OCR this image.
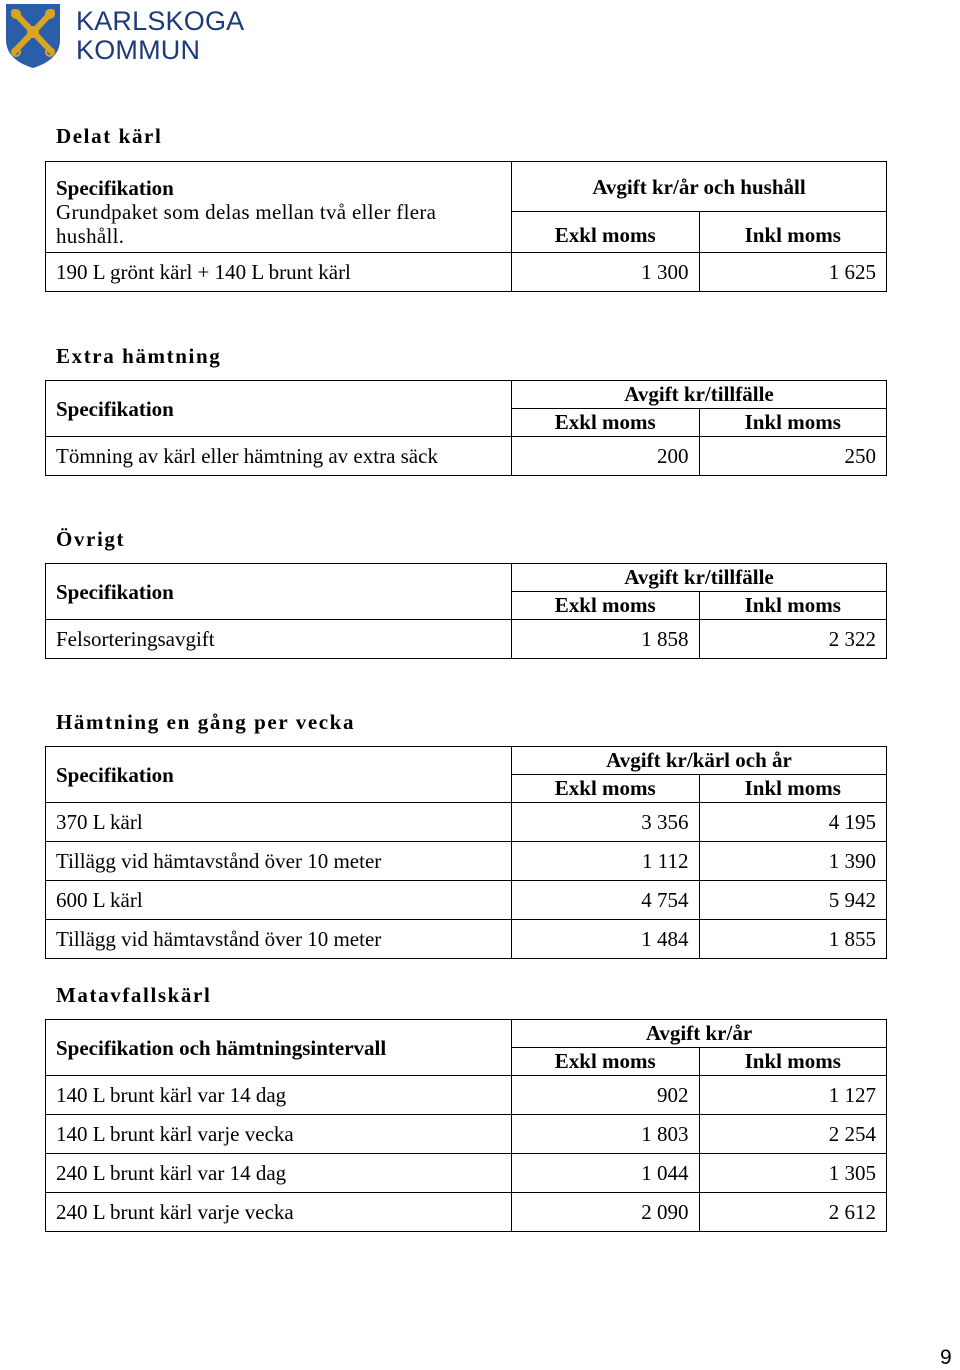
KARLSKOGA
KOMMUN
Delat kärl
Specifikation
Grundpaket som delas mellan två eller flera hushåll.	Avgift kr/år och hushåll	
	Exkl moms	Inkl moms
190 L grönt kärl + 140 L brunt kärl	1 300	1 625
Extra hämtning
Specifikation	Avgift kr/tillfälle
Exkl moms Inkl moms	

Tömning av kärl eller hämtning av extra säck	200	250
Övrigt
Specifikation	Avgift kr/tillfälle
Exkl moms Inkl moms	

Felsorteringsavgift	1 858	2 322
Hämtning en gång per vecka
Specifikation	Avgift kr/kärl och år
Exkl moms Inkl moms	

370 L kärl	3 356	4 195
Tillägg vid hämtavstånd över 10 meter	1 112	1 390
600 L kärl	4 754	5 942
Tillägg vid hämtavstånd över 10 meter	1 484	1 855
Matavfallskärl
Specifikation och hämtningsintervall	Avgift kr/år
Exkl moms Inkl moms	

140 L brunt kärl var 14 dag	902	1 127
140 L brunt kärl varje vecka	1 803	2 254
240 L brunt kärl var 14 dag	1 044	1 305
240 L brunt kärl varje vecka	2 090	2 612
9
